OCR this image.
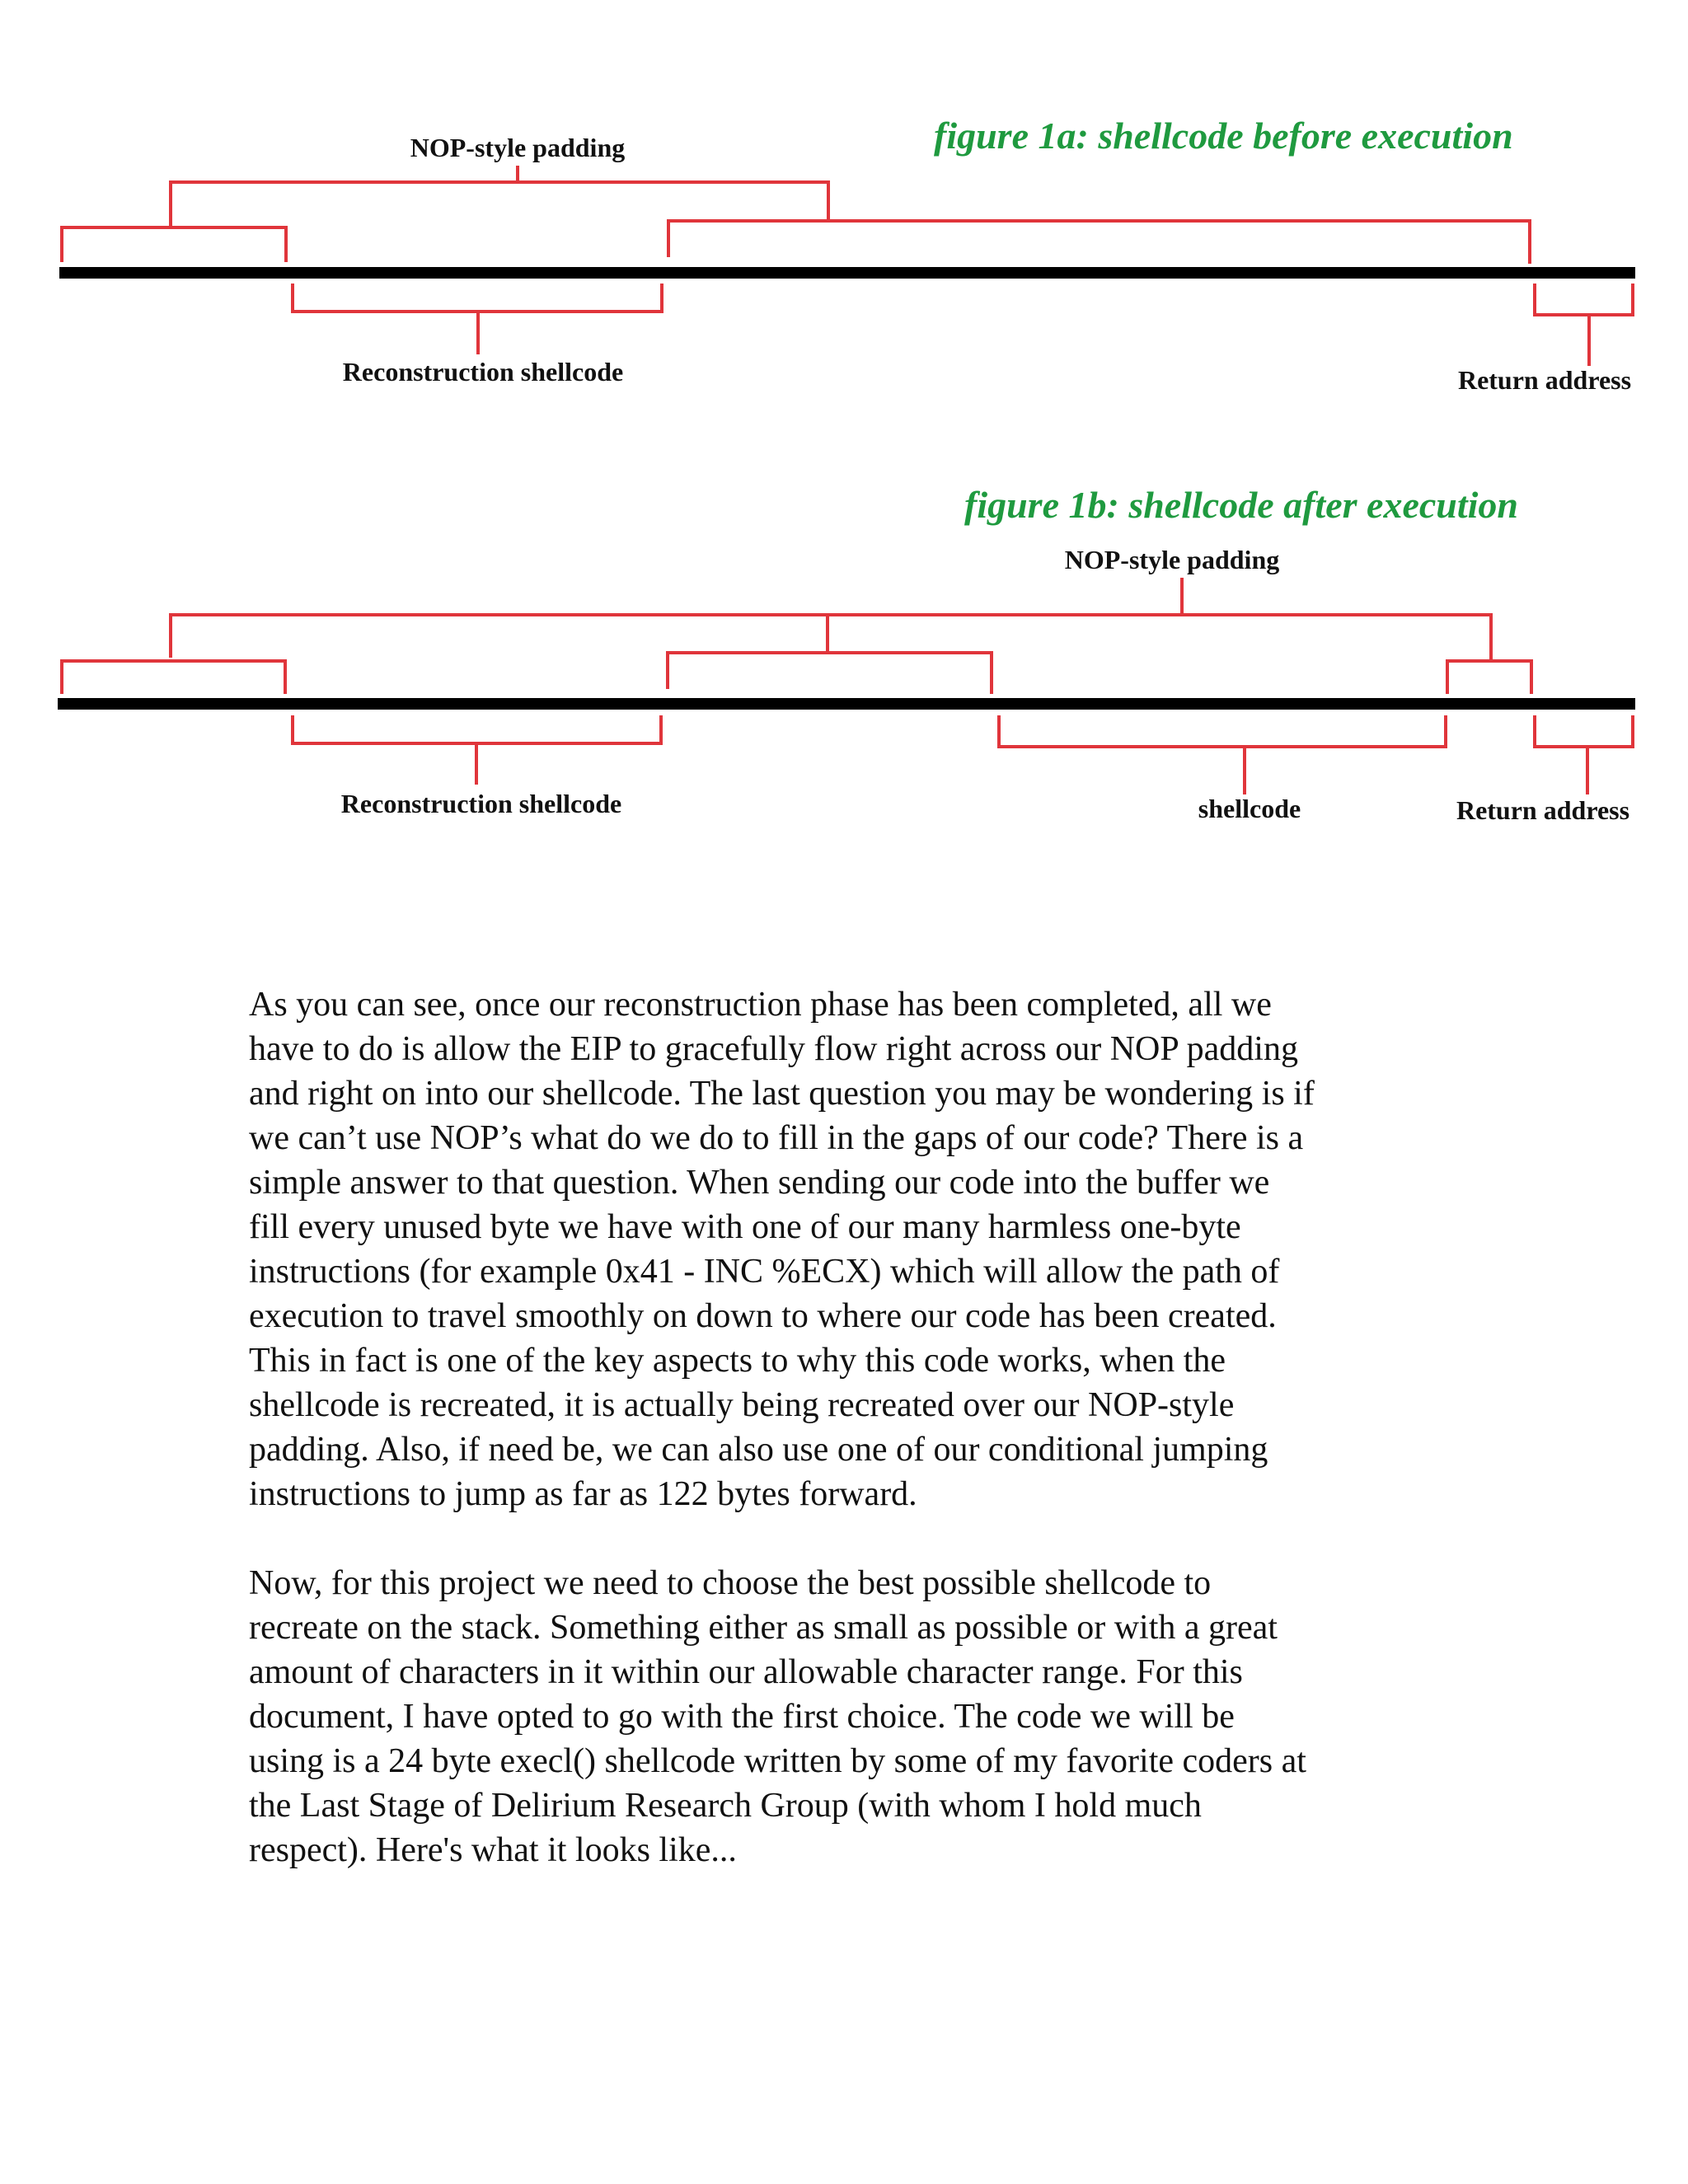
figure 1a: shellcode before execution
NOP-style padding
Reconstruction shellcode	Return address
figure 1b: shellcode after execution
NOP-style padding
Reconstruction shellcode	shellcode	Return address

As you can see, once our reconstruction phase has been completed, all we
have to do is allow the EIP to gracefully flow right across our NOP padding
and right on into our shellcode. The last question you may be wondering is if
we can’t use NOP’s what do we do to fill in the gaps of our code? There is a
simple answer to that question. When sending our code into the buffer we
fill every unused byte we have with one of our many harmless one-byte
instructions (for example 0x41 - INC %ECX) which will allow the path of
execution to travel smoothly on down to where our code has been created.
This in fact is one of the key aspects to why this code works, when the
shellcode is recreated, it is actually being recreated over our NOP-style
padding. Also, if need be, we can also use one of our conditional jumping
instructions to jump as far as 122 bytes forward.

Now, for this project we need to choose the best possible shellcode to
recreate on the stack. Something either as small as possible or with a great
amount of characters in it within our allowable character range. For this
document, I have opted to go with the first choice. The code we will be
using is a 24 byte execl() shellcode written by some of my favorite coders at
the Last Stage of Delirium Research Group (with whom I hold much
respect). Here's what it looks like...
